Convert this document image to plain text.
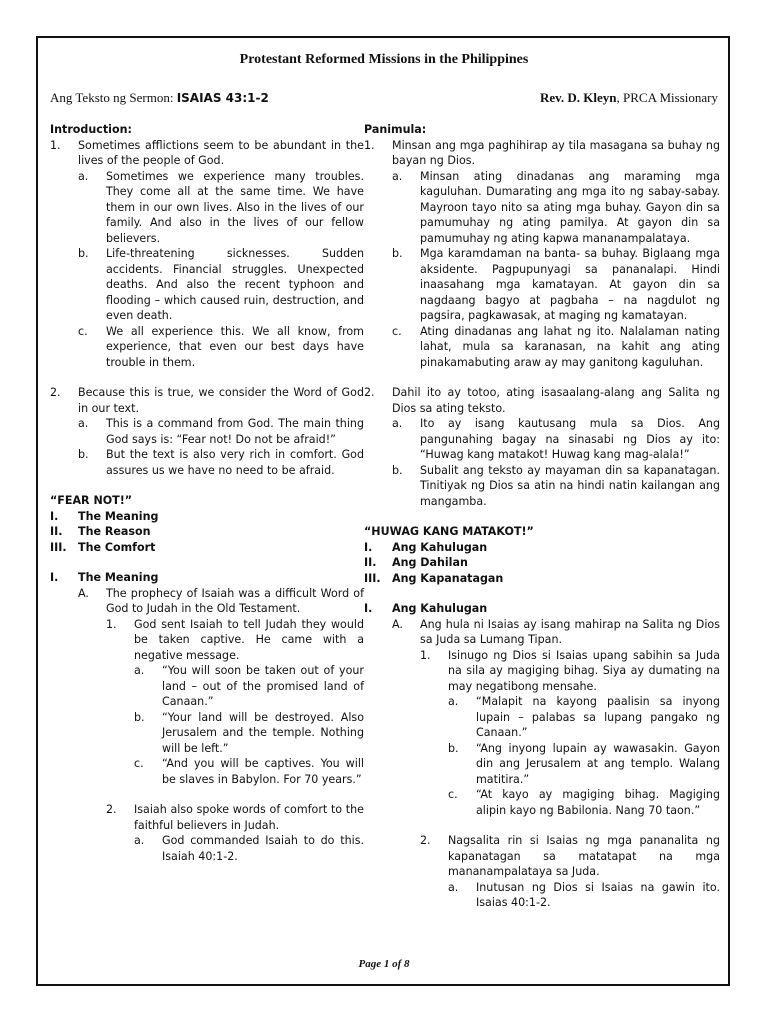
Protestant Reformed Missions in the Philippines
Ang Teksto ng Sermon: ISAIAS 43:1-2	Rev. D. Kleyn, PRCA Missionary
Introduction:
1.	Sometimes afflictions seem to be abundant in the lives of the people of God.
a.	Sometimes we experience many troubles. They come all at the same time. We have them in our own lives. Also in the lives of our family. And also in the lives of our fellow believers.
b.	Life-threatening sicknesses. Sudden accidents. Financial struggles. Unexpected deaths. And also the recent typhoon and flooding – which caused ruin, destruction, and even death.
c.	We all experience this. We all know, from experience, that even our best days have trouble in them.
2.	Because this is true, we consider the Word of God in our text.
a.	This is a command from God. The main thing God says is: “Fear not! Do not be afraid!”
b.	But the text is also very rich in comfort. God assures us we have no need to be afraid.
“FEAR NOT!”
I.	The Meaning
II.	The Reason
III.	The Comfort
I.	The Meaning
A.	The prophecy of Isaiah was a difficult Word of God to Judah in the Old Testament.
1.	God sent Isaiah to tell Judah they would be taken captive. He came with a negative message.
a.	“You will soon be taken out of your land – out of the promised land of Canaan.”
b.	“Your land will be destroyed. Also Jerusalem and the temple. Nothing will be left.”
c.	“And you will be captives. You will be slaves in Babylon. For 70 years.”
2.	Isaiah also spoke words of comfort to the faithful believers in Judah.
a.	God commanded Isaiah to do this. Isaiah 40:1-2.
Panimula:
1.	Minsan ang mga paghihirap ay tila masagana sa buhay ng bayan ng Dios.
a.	Minsan ating dinadanas ang maraming mga kaguluhan. Dumarating ang mga ito ng sabay-sabay. Mayroon tayo nito sa ating mga buhay. Gayon din sa pamumuhay ng ating pamilya. At gayon din sa pamumuhay ng ating kapwa mananampalataya.
b.	Mga karamdaman na banta- sa buhay. Biglaang mga aksidente. Pagpupunyagi sa pananalapi. Hindi inaasahang mga kamatayan. At gayon din sa nagdaang bagyo at pagbaha – na nagdulot ng pagsira, pagkawasak, at maging ng kamatayan.
c.	Ating dinadanas ang lahat ng ito. Nalalaman nating lahat, mula sa karanasan, na kahit ang ating pinakamabuting araw ay may ganitong kaguluhan.
2.	Dahil ito ay totoo, ating isasaalang-alang ang Salita ng Dios sa ating teksto.
a.	Ito ay isang kautusang mula sa Dios. Ang pangunahing bagay na sinasabi ng Dios ay ito: “Huwag kang matakot! Huwag kang mag-alala!”
b.	Subalit ang teksto ay mayaman din sa kapanatagan. Tinitiyak ng Dios sa atin na hindi natin kailangan ang mangamba.
“HUWAG KANG MATAKOT!”
I.	Ang Kahulugan
II.	Ang Dahilan
III.	Ang Kapanatagan
I.	Ang Kahulugan
A.	Ang hula ni Isaias ay isang mahirap na Salita ng Dios sa Juda sa Lumang Tipan.
1.	Isinugo ng Dios si Isaias upang sabihin sa Juda na sila ay magiging bihag. Siya ay dumating na may negatibong mensahe.
a.	“Malapit na kayong paalisin sa inyong lupain – palabas sa lupang pangako ng Canaan.”
b.	“Ang inyong lupain ay wawasakin. Gayon din ang Jerusalem at ang templo. Walang matitira.”
c.	“At kayo ay magiging bihag. Magiging alipin kayo ng Babilonia. Nang 70 taon.”
2.	Nagsalita rin si Isaias ng mga pananalita ng kapanatagan sa matatapat na mga mananampalataya sa Juda.
a.	Inutusan ng Dios si Isaias na gawin ito. Isaias 40:1-2.
Page 1 of 8
